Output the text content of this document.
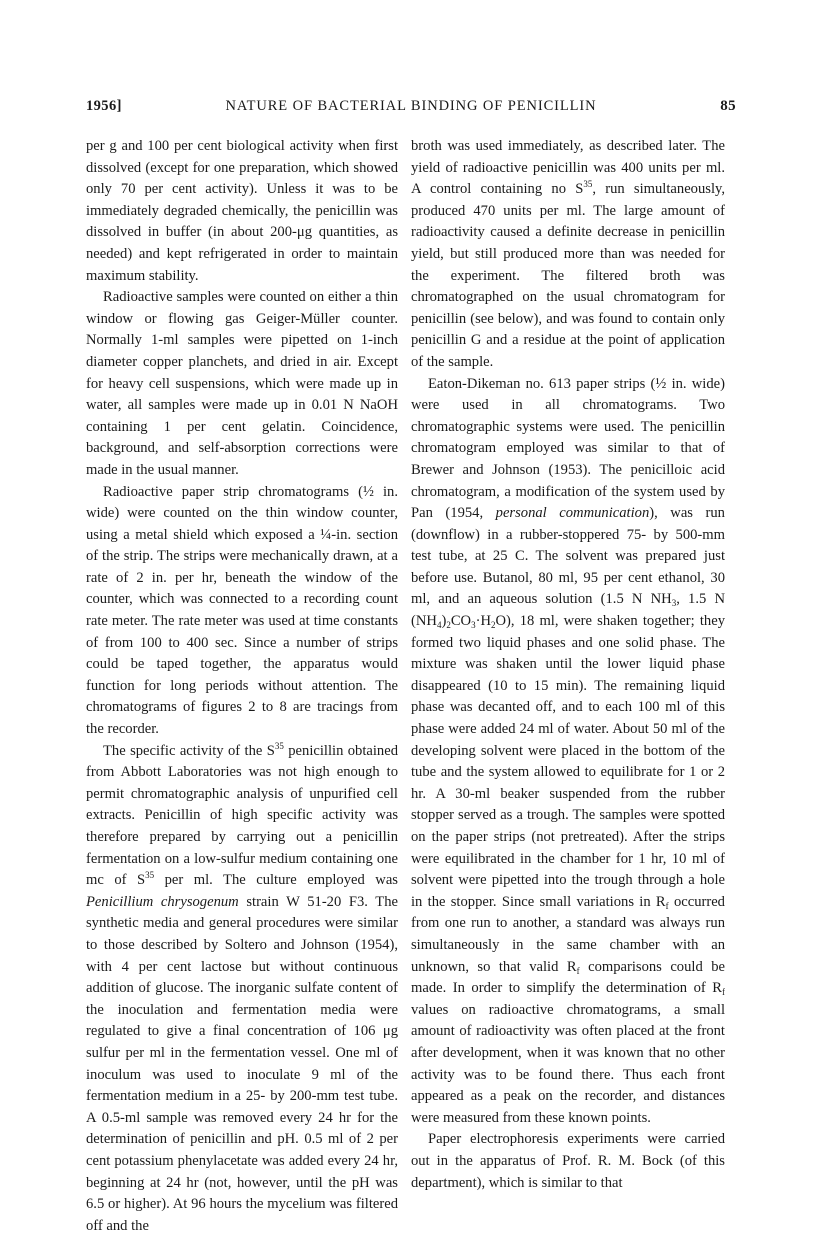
1956]	NATURE OF BACTERIAL BINDING OF PENICILLIN	85

per g and 100 per cent biological activity when first dissolved (except for one preparation, which showed only 70 per cent activity). Unless it was to be immediately degraded chemically, the penicillin was dissolved in buffer (in about 200-μg quantities, as needed) and kept refrigerated in order to maintain maximum stability.

Radioactive samples were counted on either a thin window or flowing gas Geiger-Müller counter. Normally 1-ml samples were pipetted on 1-inch diameter copper planchets, and dried in air. Except for heavy cell suspensions, which were made up in water, all samples were made up in 0.01 N NaOH containing 1 per cent gelatin. Coincidence, background, and self-absorption corrections were made in the usual manner.

Radioactive paper strip chromatograms (½ in. wide) were counted on the thin window counter, using a metal shield which exposed a ¼-in. section of the strip. The strips were mechanically drawn, at a rate of 2 in. per hr, beneath the window of the counter, which was connected to a recording count rate meter. The rate meter was used at time constants of from 100 to 400 sec. Since a number of strips could be taped together, the apparatus would function for long periods without attention. The chromatograms of figures 2 to 8 are tracings from the recorder.

The specific activity of the $S^{35}$ penicillin obtained from Abbott Laboratories was not high enough to permit chromatographic analysis of unpurified cell extracts. Penicillin of high specific activity was therefore prepared by carrying out a penicillin fermentation on a low-sulfur medium containing one mc of $S^{35}$ per ml. The culture employed was Penicillium chrysogenum strain W 51-20 F3. The synthetic media and general procedures were similar to those described by Soltero and Johnson (1954), with 4 per cent lactose but without continuous addition of glucose. The inorganic sulfate content of the inoculation and fermentation media were regulated to give a final concentration of 106 μg sulfur per ml in the fermentation vessel. One ml of inoculum was used to inoculate 9 ml of the fermentation medium in a 25- by 200-mm test tube. A 0.5-ml sample was removed every 24 hr for the determination of penicillin and pH. 0.5 ml of 2 per cent potassium phenylacetate was added every 24 hr, beginning at 24 hr (not, however, until the pH was 6.5 or higher). At 96 hours the mycelium was filtered off and the

broth was used immediately, as described later. The yield of radioactive penicillin was 400 units per ml. A control containing no $S^{35}$, run simultaneously, produced 470 units per ml. The large amount of radioactivity caused a definite decrease in penicillin yield, but still produced more than was needed for the experiment. The filtered broth was chromatographed on the usual chromatogram for penicillin (see below), and was found to contain only penicillin G and a residue at the point of application of the sample.

Eaton-Dikeman no. 613 paper strips (½ in. wide) were used in all chromatograms. Two chromatographic systems were used. The penicillin chromatogram employed was similar to that of Brewer and Johnson (1953). The penicilloic acid chromatogram, a modification of the system used by Pan (1954, personal communication), was run (downflow) in a rubber-stoppered 75- by 500-mm test tube, at 25 C. The solvent was prepared just before use. Butanol, 80 ml, 95 per cent ethanol, 30 ml, and an aqueous solution (1.5 N $NH_3$, 1.5 N $(NH_4)_2CO_3\cdot H_2O$), 18 ml, were shaken together; they formed two liquid phases and one solid phase. The mixture was shaken until the lower liquid phase disappeared (10 to 15 min). The remaining liquid phase was decanted off, and to each 100 ml of this phase were added 24 ml of water. About 50 ml of the developing solvent were placed in the bottom of the tube and the system allowed to equilibrate for 1 or 2 hr. A 30-ml beaker suspended from the rubber stopper served as a trough. The samples were spotted on the paper strips (not pretreated). After the strips were equilibrated in the chamber for 1 hr, 10 ml of solvent were pipetted into the trough through a hole in the stopper. Since small variations in $R_f$ occurred from one run to another, a standard was always run simultaneously in the same chamber with an unknown, so that valid $R_f$ comparisons could be made. In order to simplify the determination of $R_f$ values on radioactive chromatograms, a small amount of radioactivity was often placed at the front after development, when it was known that no other activity was to be found there. Thus each front appeared as a peak on the recorder, and distances were measured from these known points.

Paper electrophoresis experiments were carried out in the apparatus of Prof. R. M. Bock (of this department), which is similar to that
